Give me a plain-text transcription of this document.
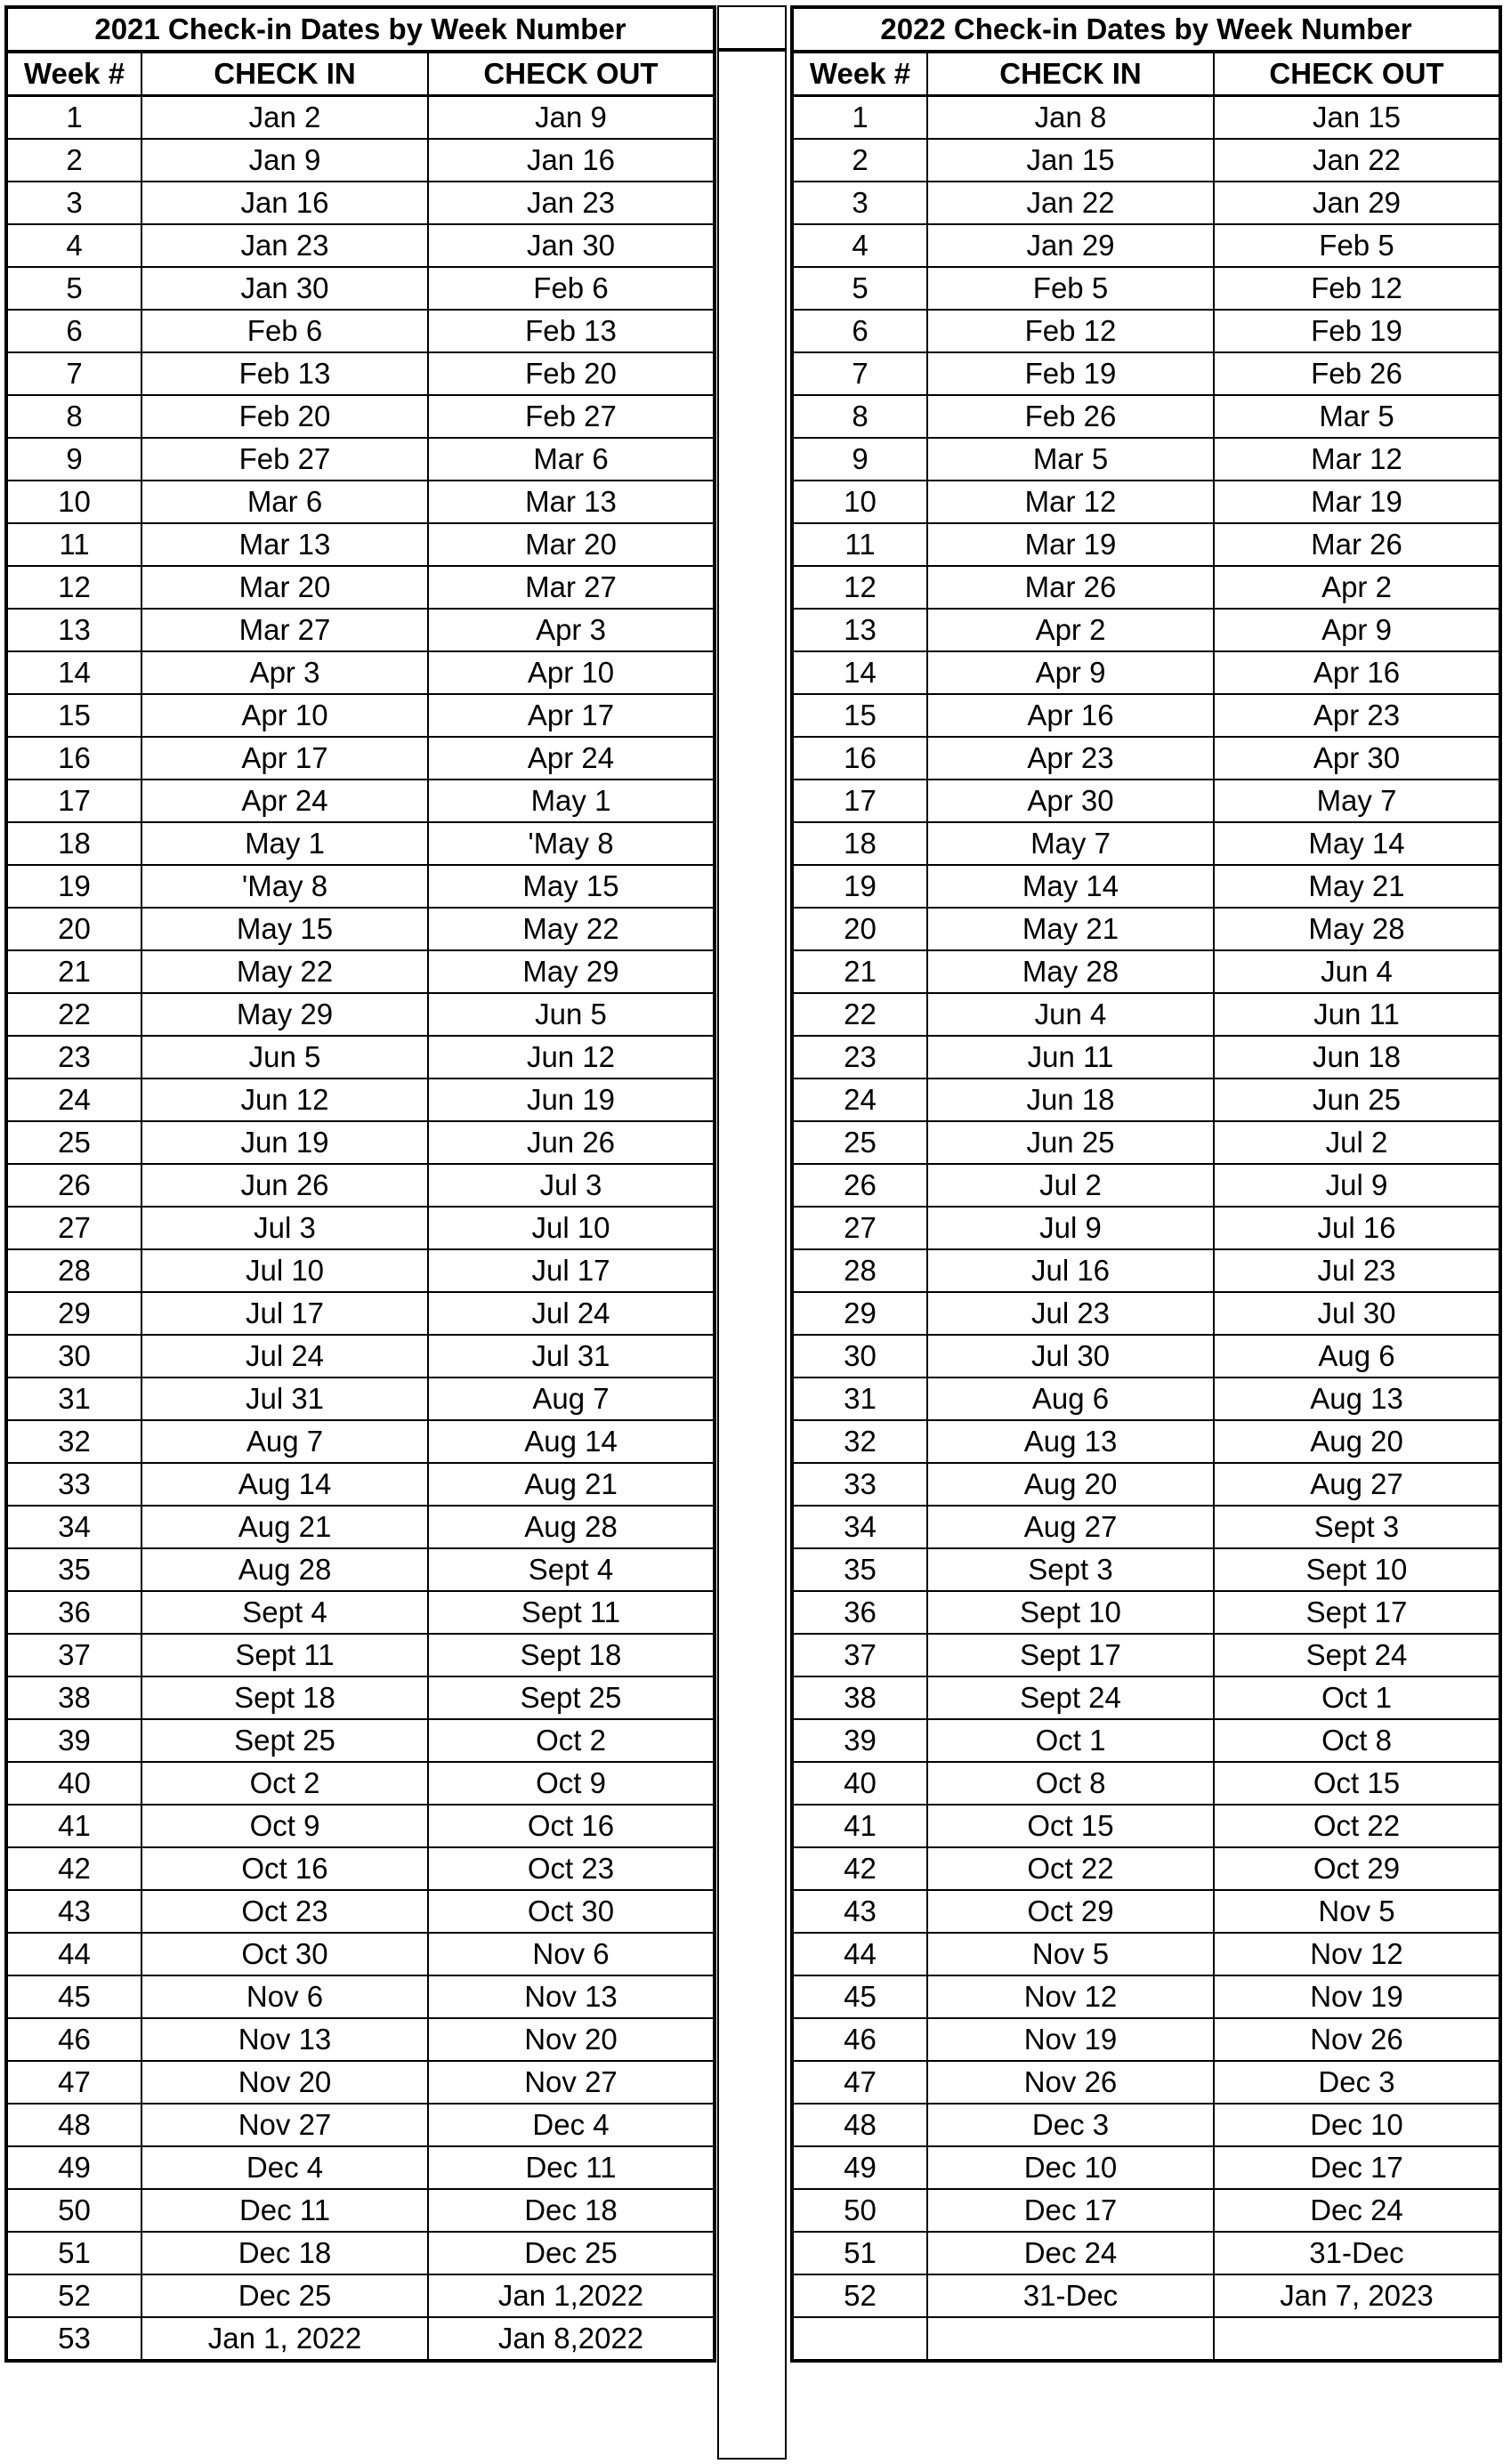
2021 Check-in Dates by Week Number		
Week #	CHECK IN	CHECK OUT
1	Jan 2	Jan 9
2	Jan 9	Jan 16
3	Jan 16	Jan 23
4	Jan 23	Jan 30
5	Jan 30	Feb 6
6	Feb 6	Feb 13
7	Feb 13	Feb 20
8	Feb 20	Feb 27
9	Feb 27	Mar 6
10	Mar 6	Mar 13
11	Mar 13	Mar 20
12	Mar 20	Mar 27
13	Mar 27	Apr 3
14	Apr 3	Apr 10
15	Apr 10	Apr 17
16	Apr 17	Apr 24
17	Apr 24	May 1
18	May 1	'May 8
19	'May 8	May 15
20	May 15	May 22
21	May 22	May 29
22	May 29	Jun 5
23	Jun 5	Jun 12
24	Jun 12	Jun 19
25	Jun 19	Jun 26
26	Jun 26	Jul 3
27	Jul 3	Jul 10
28	Jul 10	Jul 17
29	Jul 17	Jul 24
30	Jul 24	Jul 31
31	Jul 31	Aug 7
32	Aug 7	Aug 14
33	Aug 14	Aug 21
34	Aug 21	Aug 28
35	Aug 28	Sept 4
36	Sept 4	Sept 11
37	Sept 11	Sept 18
38	Sept 18	Sept 25
39	Sept 25	Oct 2
40	Oct 2	Oct 9
41	Oct 9	Oct 16
42	Oct 16	Oct 23
43	Oct 23	Oct 30
44	Oct 30	Nov 6
45	Nov 6	Nov 13
46	Nov 13	Nov 20
47	Nov 20	Nov 27
48	Nov 27	Dec 4
49	Dec 4	Dec 11
50	Dec 11	Dec 18
51	Dec 18	Dec 25
52	Dec 25	Jan 1,2022
53	Jan 1, 2022	Jan 8,2022
2022 Check-in Dates by Week Number		
Week #	CHECK IN	CHECK OUT
1	Jan 8	Jan 15
2	Jan 15	Jan 22
3	Jan 22	Jan 29
4	Jan 29	Feb 5
5	Feb 5	Feb 12
6	Feb 12	Feb 19
7	Feb 19	Feb 26
8	Feb 26	Mar 5
9	Mar 5	Mar 12
10	Mar 12	Mar 19
11	Mar 19	Mar 26
12	Mar 26	Apr 2
13	Apr 2	Apr 9
14	Apr 9	Apr 16
15	Apr 16	Apr 23
16	Apr 23	Apr 30
17	Apr 30	May 7
18	May 7	May 14
19	May 14	May 21
20	May 21	May 28
21	May 28	Jun 4
22	Jun 4	Jun 11
23	Jun 11	Jun 18
24	Jun 18	Jun 25
25	Jun 25	Jul 2
26	Jul 2	Jul 9
27	Jul 9	Jul 16
28	Jul 16	Jul 23
29	Jul 23	Jul 30
30	Jul 30	Aug 6
31	Aug 6	Aug 13
32	Aug 13	Aug 20
33	Aug 20	Aug 27
34	Aug 27	Sept 3
35	Sept 3	Sept 10
36	Sept 10	Sept 17
37	Sept 17	Sept 24
38	Sept 24	Oct 1
39	Oct 1	Oct 8
40	Oct 8	Oct 15
41	Oct 15	Oct 22
42	Oct 22	Oct 29
43	Oct 29	Nov 5
44	Nov 5	Nov 12
45	Nov 12	Nov 19
46	Nov 19	Nov 26
47	Nov 26	Dec 3
48	Dec 3	Dec 10
49	Dec 10	Dec 17
50	Dec 17	Dec 24
51	Dec 24	31-Dec
52	31-Dec	Jan 7, 2023
